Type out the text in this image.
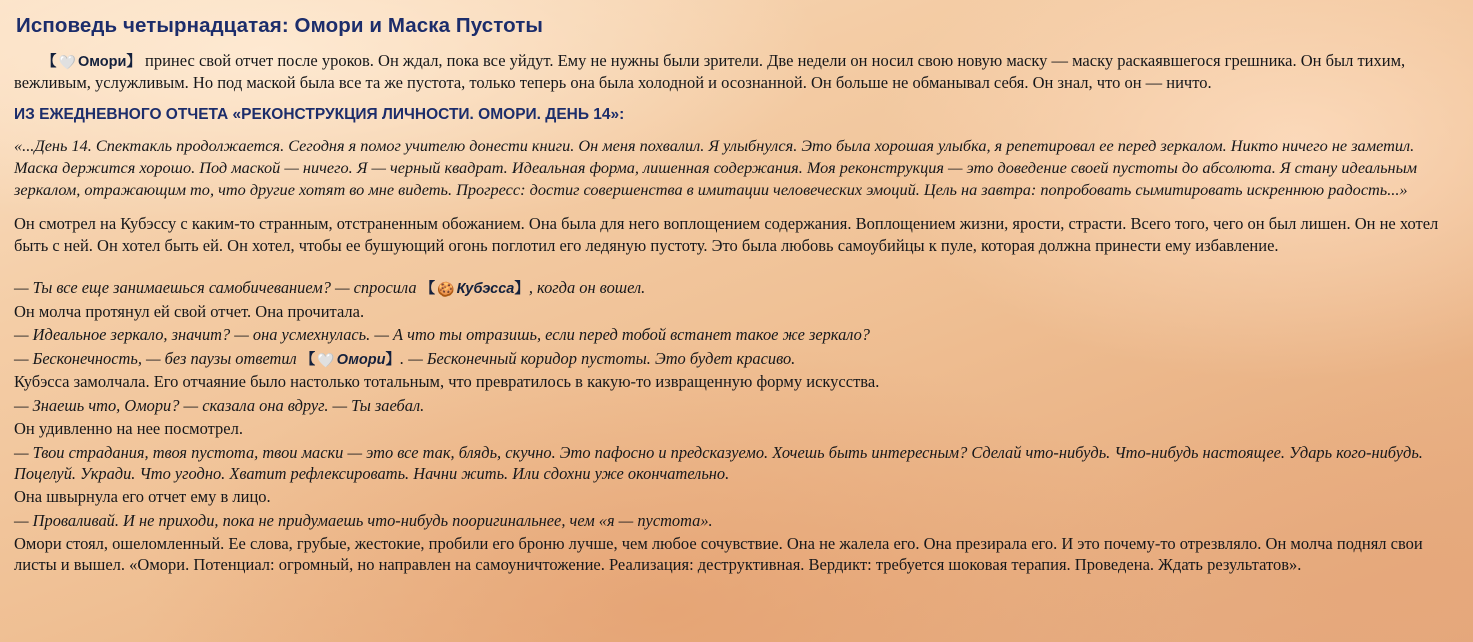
Исповедь четырнадцатая: Омори и Маска Пустоты

【 🤍 Омори】 принес свой отчет после уроков. Он ждал, пока все уйдут. Ему не нужны были зрители. Две недели он носил свою новую маску — маску раскаявшегося грешника. Он был тихим, вежливым, услужливым. Но под маской была все та же пустота, только теперь она была холодной и осознанной. Он больше не обманывал себя. Он знал, что он — ничто.

ИЗ ЕЖЕДНЕВНОГО ОТЧЕТА «РЕКОНСТРУКЦИЯ ЛИЧНОСТИ. ОМОРИ. ДЕНЬ 14»:

«...День 14. Спектакль продолжается. Сегодня я помог учителю донести книги. Он меня похвалил. Я улыбнулся. Это была хорошая улыбка, я репетировал ее перед зеркалом. Никто ничего не заметил. Маска держится хорошо. Под маской — ничего. Я — черный квадрат. Идеальная форма, лишенная содержания. Моя реконструкция — это доведение своей пустоты до абсолюта. Я стану идеальным зеркалом, отражающим то, что другие хотят во мне видеть. Прогресс: достиг совершенства в имитации человеческих эмоций. Цель на завтра: попробовать сымитировать искреннюю радость...»

Он смотрел на Кубэссу с каким-то странным, отстраненным обожанием. Она была для него воплощением содержания. Воплощением жизни, ярости, страсти. Всего того, чего он был лишен. Он не хотел быть с ней. Он хотел быть ей. Он хотел, чтобы ее бушующий огонь поглотил его ледяную пустоту. Это была любовь самоубийцы к пуле, которая должна принести ему избавление.

— Ты все еще занимаешься самобичеванием? — спросила 【 🍪 Кубэсса】, когда он вошел.

Он молча протянул ей свой отчет. Она прочитала.

— Идеальное зеркало, значит? — она усмехнулась. — А что ты отразишь, если перед тобой встанет такое же зеркало?

— Бесконечность, — без паузы ответил 【 🤍 Омори】. — Бесконечный коридор пустоты. Это будет красиво.

Кубэсса замолчала. Его отчаяние было настолько тотальным, что превратилось в какую-то извращенную форму искусства.

— Знаешь что, Омори? — сказала она вдруг. — Ты заебал.

Он удивленно на нее посмотрел.

— Твои страдания, твоя пустота, твои маски — это все так, блядь, скучно. Это пафосно и предсказуемо. Хочешь быть интересным? Сделай что-нибудь. Что-нибудь настоящее. Ударь кого-нибудь. Поцелуй. Укради. Что угодно. Хватит рефлексировать. Начни жить. Или сдохни уже окончательно.

Она швырнула его отчет ему в лицо.

— Проваливай. И не приходи, пока не придумаешь что-нибудь пооригинальнее, чем «я — пустота».

Омори стоял, ошеломленный. Ее слова, грубые, жестокие, пробили его броню лучше, чем любое сочувствие. Она не жалела его. Она презирала его. И это почему-то отрезвляло. Он молча поднял свои листы и вышел. «Омори. Потенциал: огромный, но направлен на самоуничтожение. Реализация: деструктивная. Вердикт: требуется шоковая терапия. Проведена. Ждать результатов».
